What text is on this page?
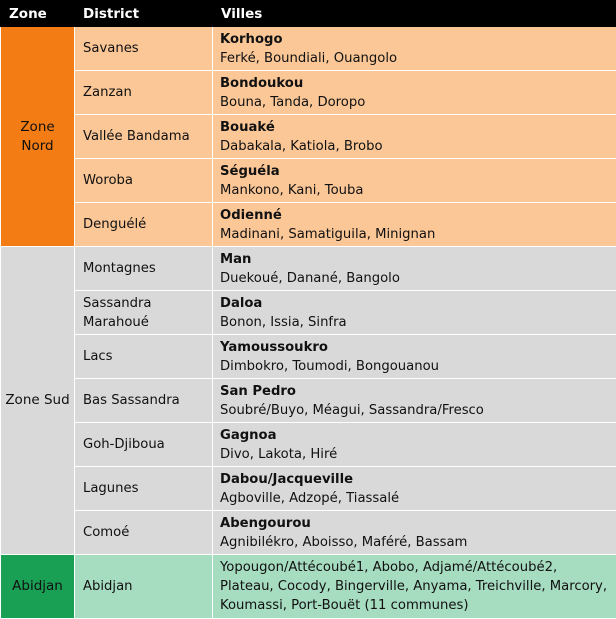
Zone	District	Villes
Zone Nord	Savanes	Korhogo
Ferké, Boundiali, Ouangolo

	Zanzan	Bondoukou
Bouna, Tanda, Doropo

	Vallée Bandama	Bouaké
Dabakala, Katiola, Brobo

	Woroba	Séguéla
Mankono, Kani, Touba

	Denguélé	Odienné
Madinani, Samatiguila, Minignan

Zone Sud	Montagnes	Man
Duekoué, Danané, Bangolo

	Sassandra Marahoué	Daloa
Bonon, Issia, Sinfra

	Lacs	Yamoussoukro
Dimbokro, Toumodi, Bongouanou

	Bas Sassandra	San Pedro
Soubré/Buyo, Méagui, Sassandra/Fresco

	Goh-Djiboua	Gagnoa
Divo, Lakota, Hiré

	Lagunes	Dabou/Jacqueville
Agboville, Adzopé, Tiassalé

	Comoé	Abengourou
Agnibilékro, Aboisso, Maféré, Bassam

Abidjan	Abidjan	Yopougon/Attécoubé1, Abobo, Adjamé/Attécoubé2, Plateau, Cocody, Bingerville, Anyama, Treichville, Marcory, Koumassi, Port-Bouët (11 communes)
